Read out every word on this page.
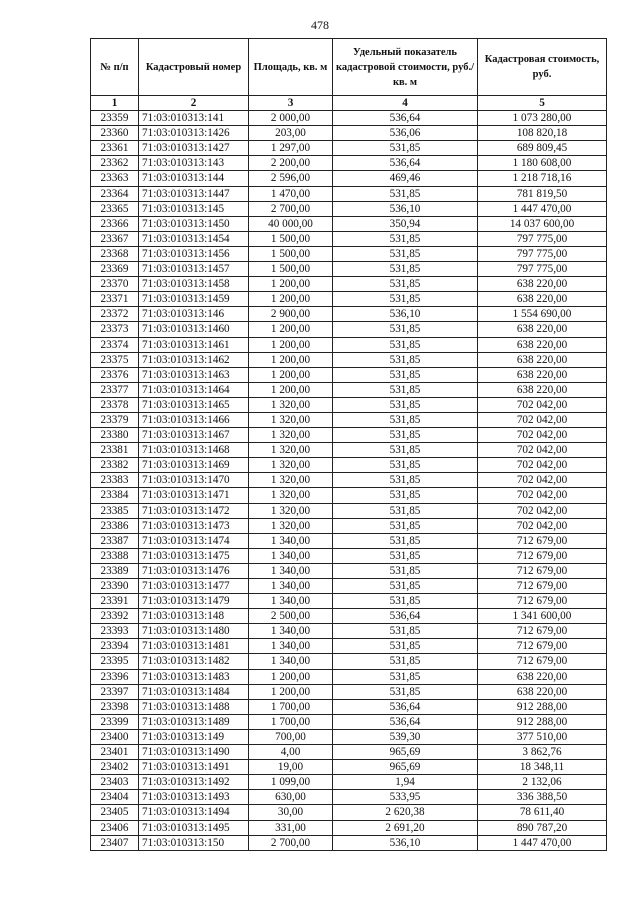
478
№ п/п	Кадастровый номер	Площадь, кв. м	Удельный показатель кадастровой стоимости, руб./кв. м	Кадастровая стоимость, руб.
1	2	3	4	5
23359	71:03:010313:141	2 000,00	536,64	1 073 280,00
23360	71:03:010313:1426	203,00	536,06	108 820,18
23361	71:03:010313:1427	1 297,00	531,85	689 809,45
23362	71:03:010313:143	2 200,00	536,64	1 180 608,00
23363	71:03:010313:144	2 596,00	469,46	1 218 718,16
23364	71:03:010313:1447	1 470,00	531,85	781 819,50
23365	71:03:010313:145	2 700,00	536,10	1 447 470,00
23366	71:03:010313:1450	40 000,00	350,94	14 037 600,00
23367	71:03:010313:1454	1 500,00	531,85	797 775,00
23368	71:03:010313:1456	1 500,00	531,85	797 775,00
23369	71:03:010313:1457	1 500,00	531,85	797 775,00
23370	71:03:010313:1458	1 200,00	531,85	638 220,00
23371	71:03:010313:1459	1 200,00	531,85	638 220,00
23372	71:03:010313:146	2 900,00	536,10	1 554 690,00
23373	71:03:010313:1460	1 200,00	531,85	638 220,00
23374	71:03:010313:1461	1 200,00	531,85	638 220,00
23375	71:03:010313:1462	1 200,00	531,85	638 220,00
23376	71:03:010313:1463	1 200,00	531,85	638 220,00
23377	71:03:010313:1464	1 200,00	531,85	638 220,00
23378	71:03:010313:1465	1 320,00	531,85	702 042,00
23379	71:03:010313:1466	1 320,00	531,85	702 042,00
23380	71:03:010313:1467	1 320,00	531,85	702 042,00
23381	71:03:010313:1468	1 320,00	531,85	702 042,00
23382	71:03:010313:1469	1 320,00	531,85	702 042,00
23383	71:03:010313:1470	1 320,00	531,85	702 042,00
23384	71:03:010313:1471	1 320,00	531,85	702 042,00
23385	71:03:010313:1472	1 320,00	531,85	702 042,00
23386	71:03:010313:1473	1 320,00	531,85	702 042,00
23387	71:03:010313:1474	1 340,00	531,85	712 679,00
23388	71:03:010313:1475	1 340,00	531,85	712 679,00
23389	71:03:010313:1476	1 340,00	531,85	712 679,00
23390	71:03:010313:1477	1 340,00	531,85	712 679,00
23391	71:03:010313:1479	1 340,00	531,85	712 679,00
23392	71:03:010313:148	2 500,00	536,64	1 341 600,00
23393	71:03:010313:1480	1 340,00	531,85	712 679,00
23394	71:03:010313:1481	1 340,00	531,85	712 679,00
23395	71:03:010313:1482	1 340,00	531,85	712 679,00
23396	71:03:010313:1483	1 200,00	531,85	638 220,00
23397	71:03:010313:1484	1 200,00	531,85	638 220,00
23398	71:03:010313:1488	1 700,00	536,64	912 288,00
23399	71:03:010313:1489	1 700,00	536,64	912 288,00
23400	71:03:010313:149	700,00	539,30	377 510,00
23401	71:03:010313:1490	4,00	965,69	3 862,76
23402	71:03:010313:1491	19,00	965,69	18 348,11
23403	71:03:010313:1492	1 099,00	1,94	2 132,06
23404	71:03:010313:1493	630,00	533,95	336 388,50
23405	71:03:010313:1494	30,00	2 620,38	78 611,40
23406	71:03:010313:1495	331,00	2 691,20	890 787,20
23407	71:03:010313:150	2 700,00	536,10	1 447 470,00
